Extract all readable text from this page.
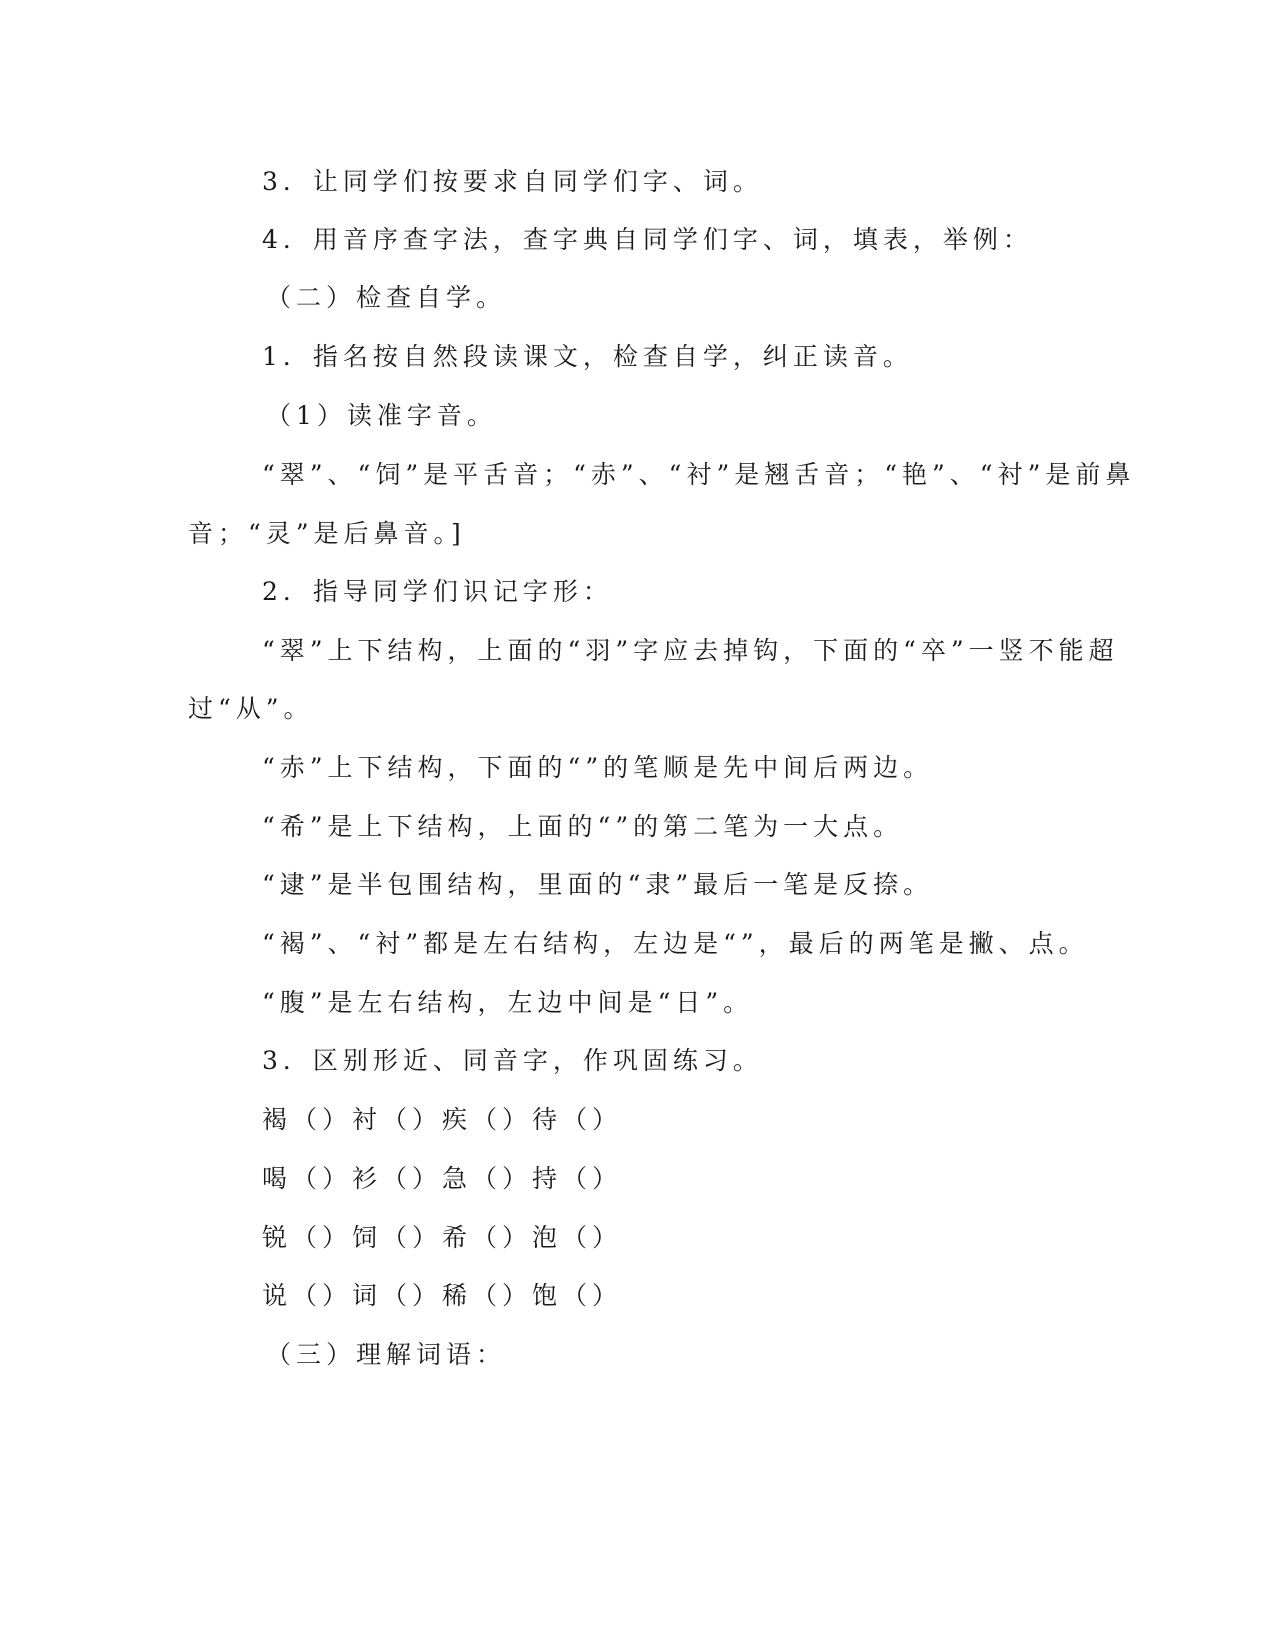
3．让同学们按要求自同学们字、词。
4．用音序查字法，查字典自同学们字、词，填表，举例：
（二）检查自学。
1．指名按自然段读课文，检查自学，纠正读音。
（1）读准字音。
“翠”、“饲”是平舌音；“赤”、“衬”是翘舌音；“艳”、“衬”是前鼻
音；“灵”是后鼻音。]
2．指导同学们识记字形：
“翠”上下结构，上面的“羽”字应去掉钩，下面的“卒”一竖不能超
过“从”。
“赤”上下结构，下面的“”的笔顺是先中间后两边。
“希”是上下结构，上面的“”的第二笔为一大点。
“逮”是半包围结构，里面的“隶”最后一笔是反捺。
“褐”、“衬”都是左右结构，左边是“”，最后的两笔是撇、点。
“腹”是左右结构，左边中间是“日”。
3．区别形近、同音字，作巩固练习。
褐（）衬（）疾（）待（）
喝（）衫（）急（）持（）
锐（）饲（）希（）泡（）
说（）词（）稀（）饱（）
（三）理解词语：
